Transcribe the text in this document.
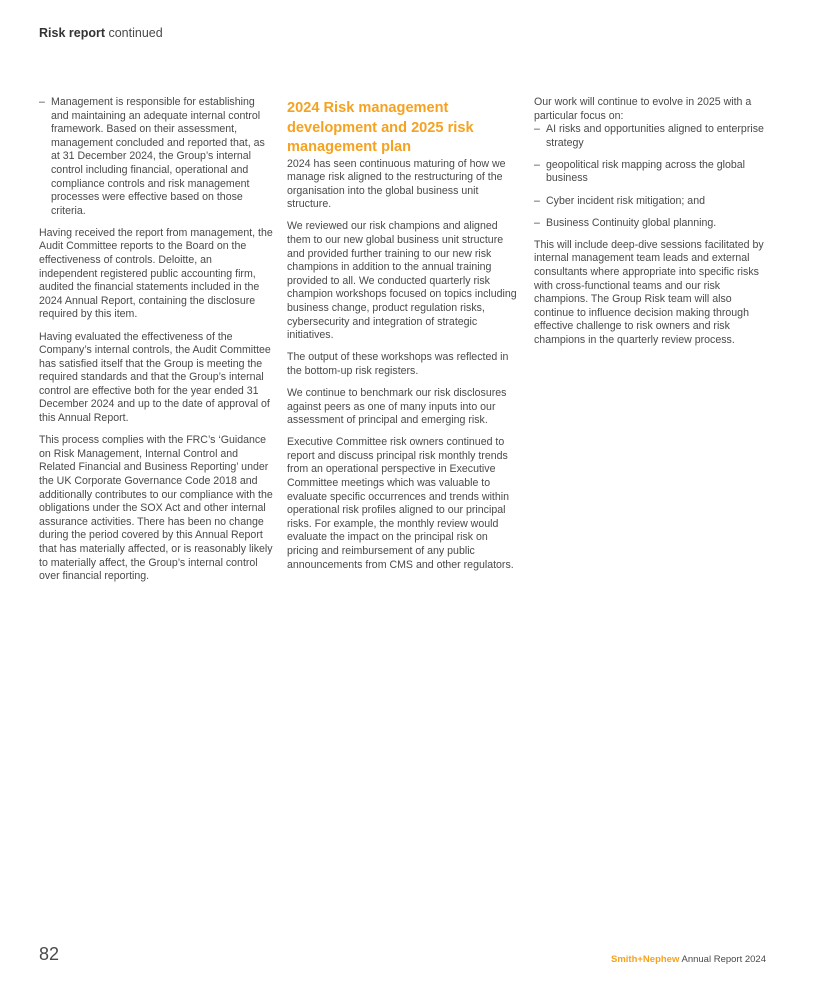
Risk report continued

– Management is responsible for establishing and maintaining an adequate internal control framework. Based on their assessment, management concluded and reported that, as at 31 December 2024, the Group’s internal control including financial, operational and compliance controls and risk management processes were effective based on those criteria.

Having received the report from management, the Audit Committee reports to the Board on the effectiveness of controls. Deloitte, an independent registered public accounting firm, audited the financial statements included in the 2024 Annual Report, containing the disclosure required by this item.

Having evaluated the effectiveness of the Company’s internal controls, the Audit Committee has satisfied itself that the Group is meeting the required standards and that the Group’s internal control are effective both for the year ended 31 December 2024 and up to the date of approval of this Annual Report.

This process complies with the FRC’s ‘Guidance on Risk Management, Internal Control and Related Financial and Business Reporting’ under the UK Corporate Governance Code 2018 and additionally contributes to our compliance with the obligations under the SOX Act and other internal assurance activities. There has been no change during the period covered by this Annual Report that has materially affected, or is reasonably likely to materially affect, the Group’s internal control over financial reporting.

2024 Risk management development and 2025 risk management plan

2024 has seen continuous maturing of how we manage risk aligned to the restructuring of the organisation into the global business unit structure.

We reviewed our risk champions and aligned them to our new global business unit structure and provided further training to our new risk champions in addition to the annual training provided to all. We conducted quarterly risk champion workshops focused on topics including business change, product regulation risks, cybersecurity and integration of strategic initiatives.

The output of these workshops was reflected in the bottom-up risk registers.

We continue to benchmark our risk disclosures against peers as one of many inputs into our assessment of principal and emerging risk.

Executive Committee risk owners continued to report and discuss principal risk monthly trends from an operational perspective in Executive Committee meetings which was valuable to evaluate specific occurrences and trends within operational risk profiles aligned to our principal risks. For example, the monthly review would evaluate the impact on the principal risk on pricing and reimbursement of any public announcements from CMS and other regulators.

Our work will continue to evolve in 2025 with a particular focus on:

– AI risks and opportunities aligned to enterprise strategy

– geopolitical risk mapping across the global business

– Cyber incident risk mitigation; and

– Business Continuity global planning.

This will include deep-dive sessions facilitated by internal management team leads and external consultants where appropriate into specific risks with cross-functional teams and our risk champions. The Group Risk team will also continue to influence decision making through effective challenge to risk owners and risk champions in the quarterly review process.

82	Smith+Nephew Annual Report 2024
